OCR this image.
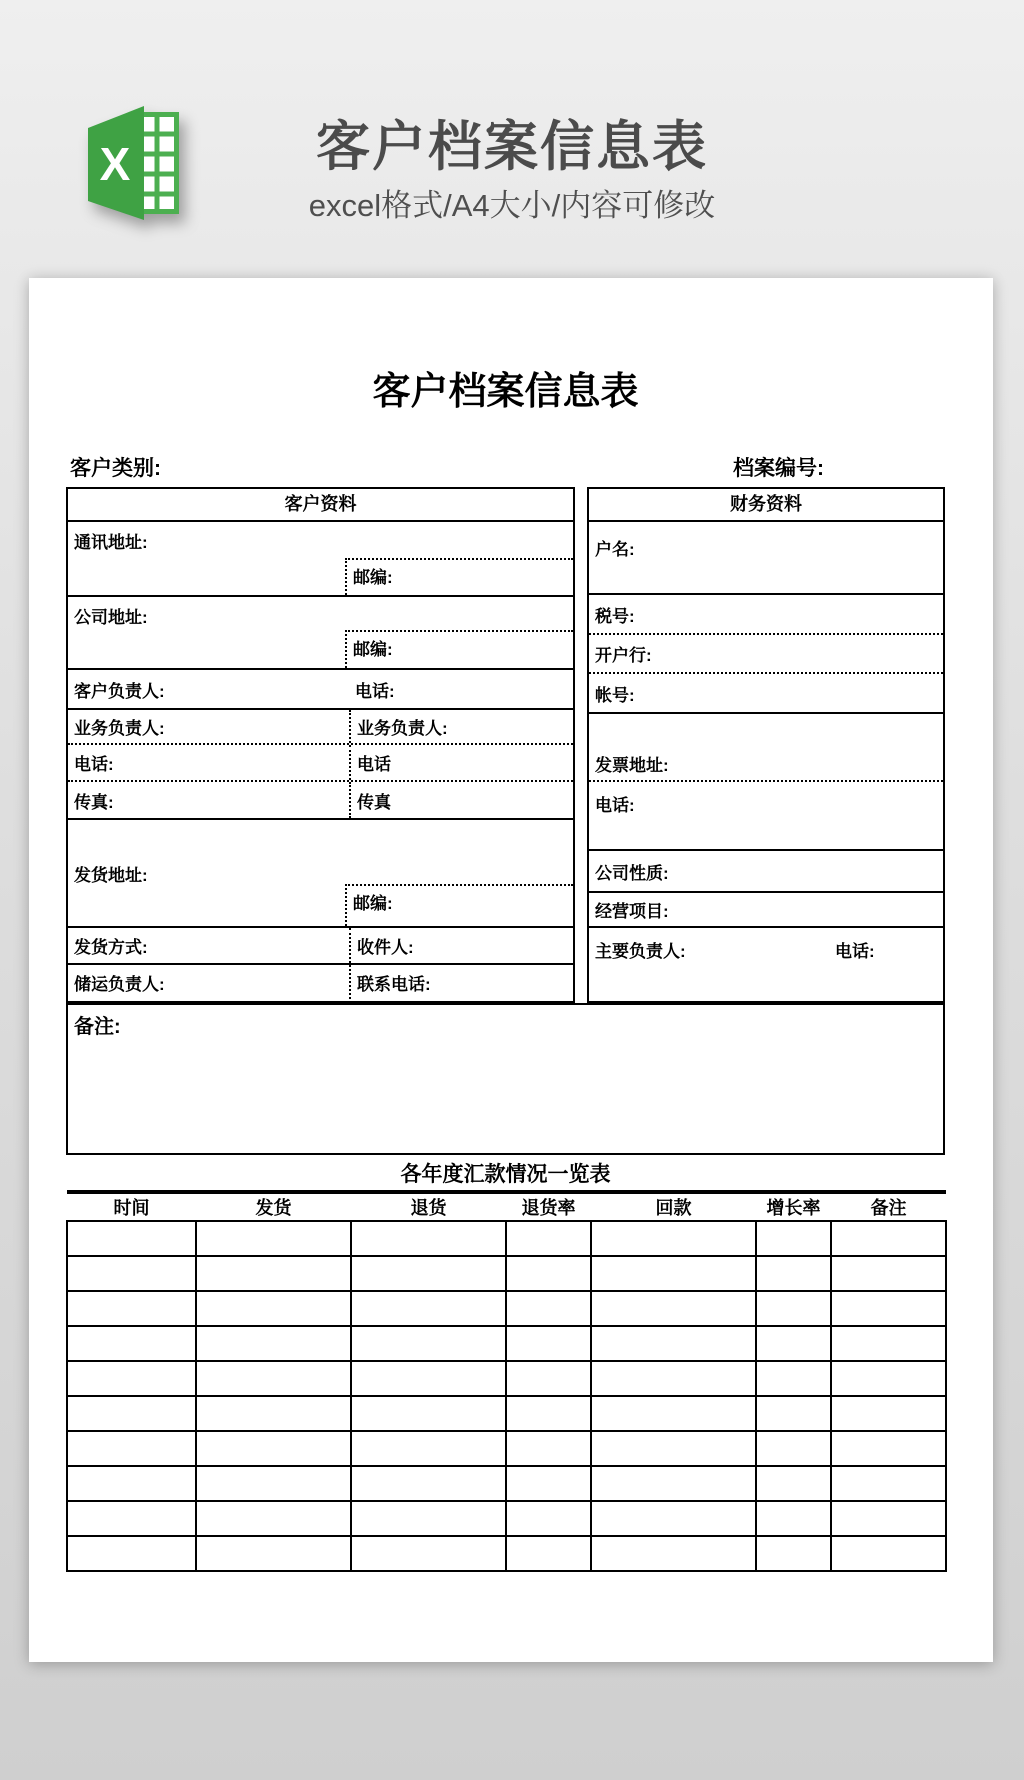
X	客户档案信息表
excel格式/A4大小/内容可修改
客户档案信息表
客户类别:	档案编号:
客户资料
通讯地址:
邮编:
公司地址:
邮编:
客户负责人:	电话:
业务负责人:	业务负责人:
电话:	电话
传真:	传真
发货地址:
邮编:
发货方式:	收件人:
储运负责人:	联系电话:
财务资料
户名:
税号:
开户行:
帐号:
发票地址:
电话:
公司性质:
经营项目:
主要负责人:	电话:
备注:
各年度汇款情况一览表
时间	发货	退货	退货率	回款	增长率	备注
